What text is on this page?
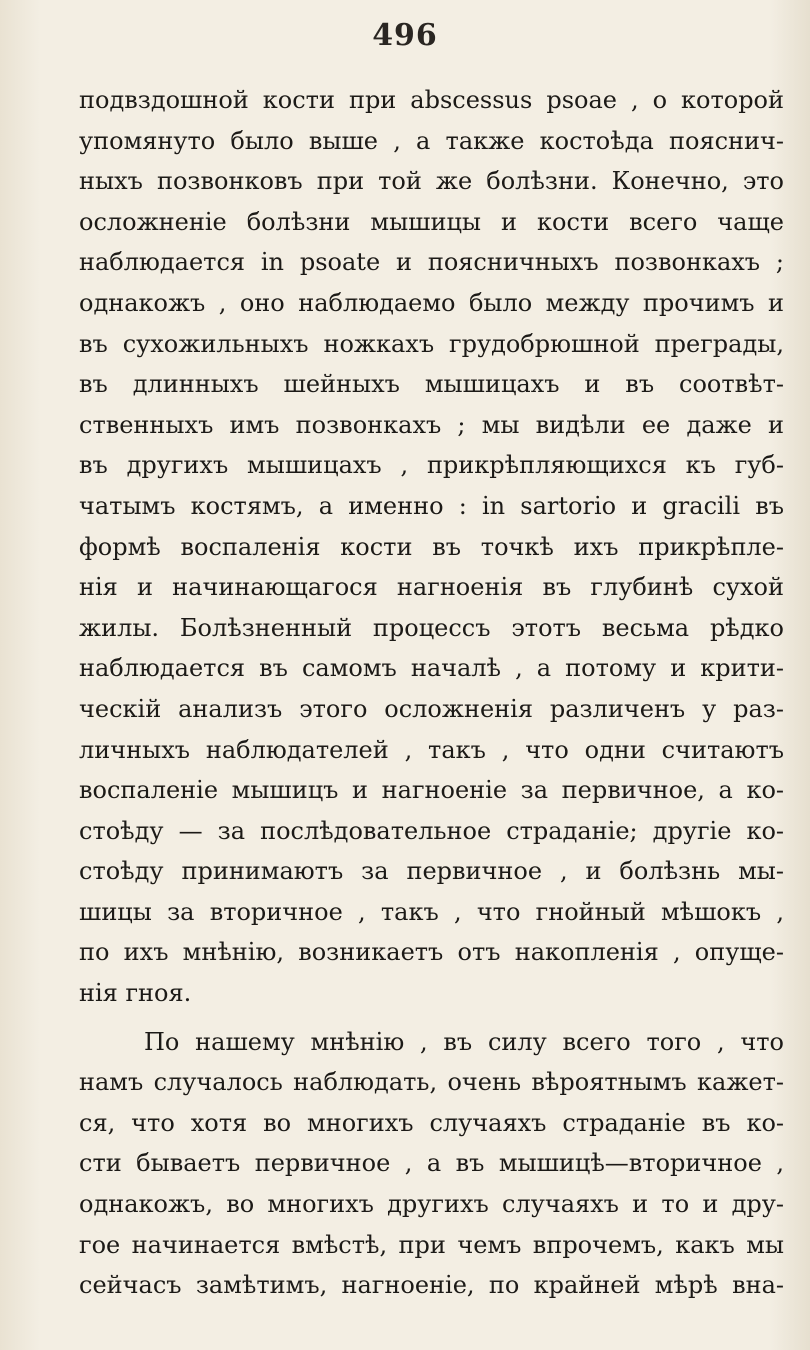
496
подвздошной кости при abscessus psoae , о которой
упомянуто было выше , а также костоѣда пояснич-
ныхъ позвонковъ при той же болѣзни. Конечно, это
осложненіе болѣзни мышицы и кости всего чаще
наблюдается in psoate и поясничныхъ позвонкахъ ;
однакожъ , оно наблюдаемо было между прочимъ и
въ сухожильныхъ ножкахъ грудобрюшной преграды,
въ длинныхъ шейныхъ мышицахъ и въ соотвѣт-
ственныхъ имъ позвонкахъ ; мы видѣли ее даже и
въ другихъ мышицахъ , прикрѣпляющихся къ губ-
чатымъ костямъ, а именно : in sartorio и gracili въ
формѣ воспаленія кости въ точкѣ ихъ прикрѣпле-
нія и начинающагося нагноенія въ глубинѣ сухой
жилы. Болѣзненный процессъ этотъ весьма рѣдко
наблюдается въ самомъ началѣ , а потому и крити-
ческій анализъ этого осложненія различенъ у раз-
личныхъ наблюдателей , такъ , что одни считаютъ
воспаленіе мышицъ и нагноеніе за первичное, а ко-
стоѣду — за послѣдовательное страданіе; другіе ко-
стоѣду принимаютъ за первичное , и болѣзнь мы-
шицы за вторичное , такъ , что гнойный мѣшокъ ,
по ихъ мнѣнію, возникаетъ отъ накопленія , опуще-
нія гноя.
По нашему мнѣнію , въ силу всего того , что
намъ случалось наблюдать, очень вѣроятнымъ кажет-
ся, что хотя во многихъ случаяхъ страданіе въ ко-
сти бываетъ первичное , а въ мышицѣ—вторичное ,
однакожъ, во многихъ другихъ случаяхъ и то и дру-
гое начинается вмѣстѣ, при чемъ впрочемъ, какъ мы
сейчасъ замѣтимъ, нагноеніе, по крайней мѣрѣ вна-
